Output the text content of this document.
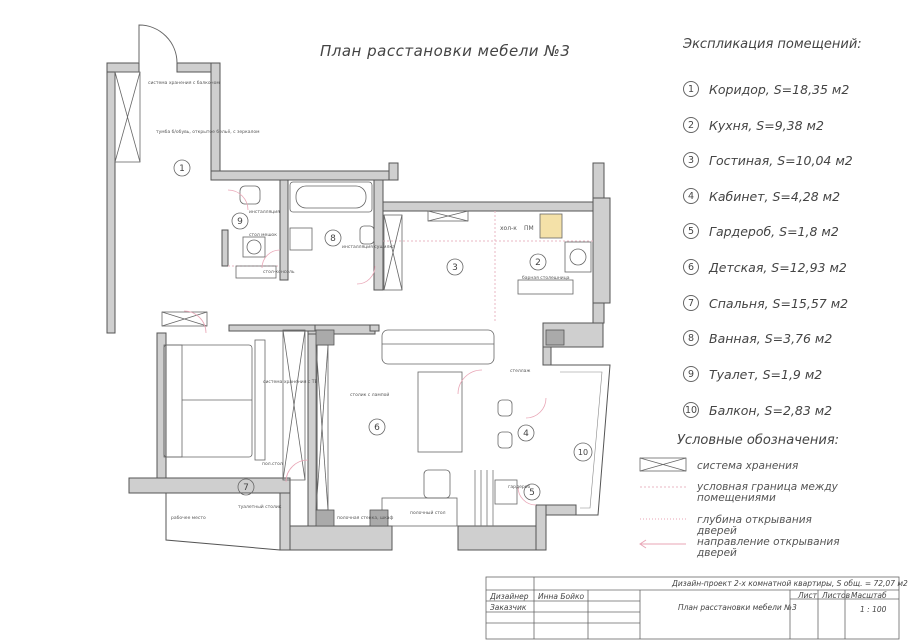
План расстановки мебели №3
1
2
3
4
5
6
7
8
9
10
система хранения с балконом
тумба б/обувь, открытое бельё, с зеркалом
инсталляция
стол мешок
стол-консоль
инсталляция сушилка
хол-к ПМ
барная столешница
система хранения с ТВ
пол.стол
туалетный столик
столик с лампой
стеллаж
гардероб
рабочее место	полочная стенка, шкаф
полочный стол
Экспликация помещений:
1	Коридор, S=18,35 м2
2	Кухня, S=9,38 м2
3	Гостиная, S=10,04 м2
4	Кабинет, S=4,28 м2
5	Гардероб, S=1,8 м2
6	Детская, S=12,93 м2
7	Спальня, S=15,57 м2
8	Ванная, S=3,76 м2
9	Туалет, S=1,9 м2
10 Балкон, S=2,83 м2
Условные обозначения:
система хранения
условная граница между помещениями
глубина открывания дверей
направление открывания дверей
Дизайн-проект 2-х комнатной квартиры, S общ. = 72,07 м2
Дизайнер Инна Бойко
Заказчик	План расстановки мебели №3
Лист Листов Масштаб
1 : 100
